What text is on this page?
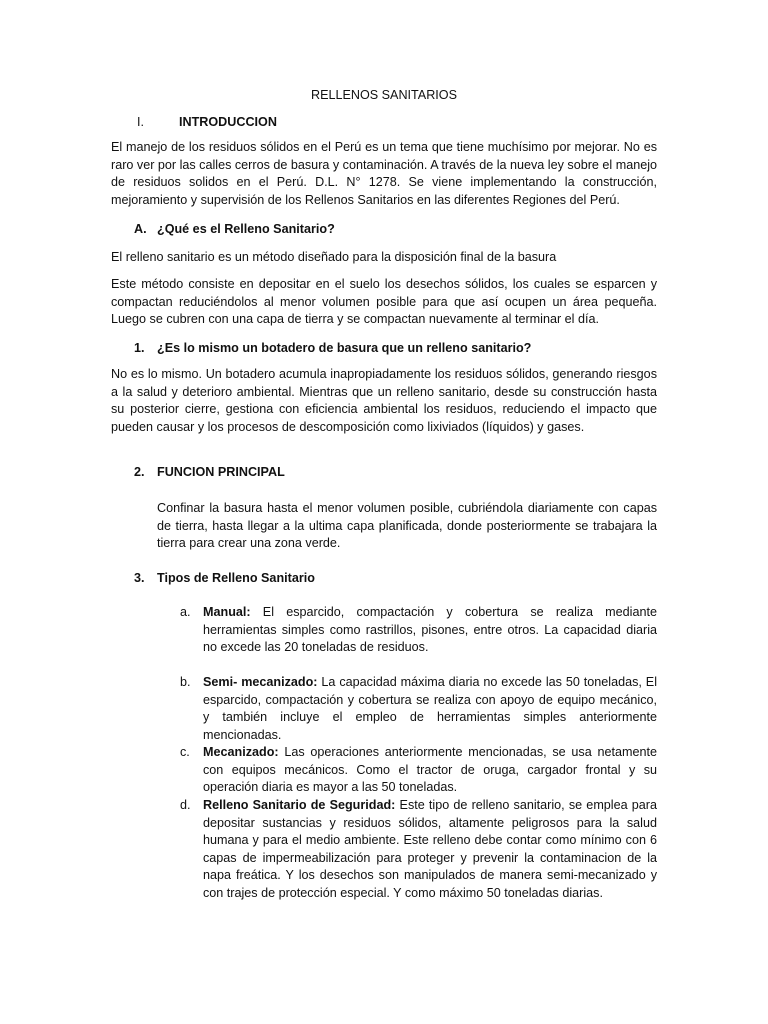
RELLENOS SANITARIOS
I.	INTRODUCCION

El manejo de los residuos sólidos en el Perú es un tema que tiene muchísimo por mejorar. No es raro ver por las calles cerros de basura y contaminación. A través de la nueva ley sobre el manejo de residuos solidos en el Perú. D.L. N° 1278. Se viene implementando la construcción, mejoramiento y supervisión de los Rellenos Sanitarios en las diferentes Regiones del Perú.

A. ¿Qué es el Relleno Sanitario?

El relleno sanitario es un método diseñado para la disposición final de la basura

Este método consiste en depositar en el suelo los desechos sólidos, los cuales se esparcen y compactan reduciéndolos al menor volumen posible para que así ocupen un área pequeña. Luego se cubren con una capa de tierra y se compactan nuevamente al terminar el día.

1. ¿Es lo mismo un botadero de basura que un relleno sanitario?

No es lo mismo. Un botadero acumula inapropiadamente los residuos sólidos, generando riesgos a la salud y deterioro ambiental. Mientras que un relleno sanitario, desde su construcción hasta su posterior cierre, gestiona con eficiencia ambiental los residuos, reduciendo el impacto que pueden causar y los procesos de descomposición como lixiviados (líquidos) y gases.

2. FUNCION PRINCIPAL

Confinar la basura hasta el menor volumen posible, cubriéndola diariamente con capas de tierra, hasta llegar a la ultima capa planificada, donde posteriormente se trabajara la tierra para crear una zona verde.

3. Tipos de Relleno Sanitario
a. Manual: El esparcido, compactación y cobertura se realiza mediante herramientas simples como rastrillos, pisones, entre otros. La capacidad diaria no excede las 20 toneladas de residuos.

b. Semi- mecanizado: La capacidad máxima diaria no excede las 50 toneladas, El esparcido, compactación y cobertura se realiza con apoyo de equipo mecánico, y también incluye el empleo de herramientas simples anteriormente mencionadas.

c. Mecanizado: Las operaciones anteriormente mencionadas, se usa netamente con equipos mecánicos. Como el tractor de oruga, cargador frontal y su operación diaria es mayor a las 50 toneladas.

d. Relleno Sanitario de Seguridad: Este tipo de relleno sanitario, se emplea para depositar sustancias y residuos sólidos, altamente peligrosos para la salud humana y para el medio ambiente. Este relleno debe contar como mínimo con 6 capas de impermeabilización para proteger y prevenir la contaminacion de la napa freática. Y los desechos son manipulados de manera semi-mecanizado y con trajes de protección especial. Y como máximo 50 toneladas diarias.
